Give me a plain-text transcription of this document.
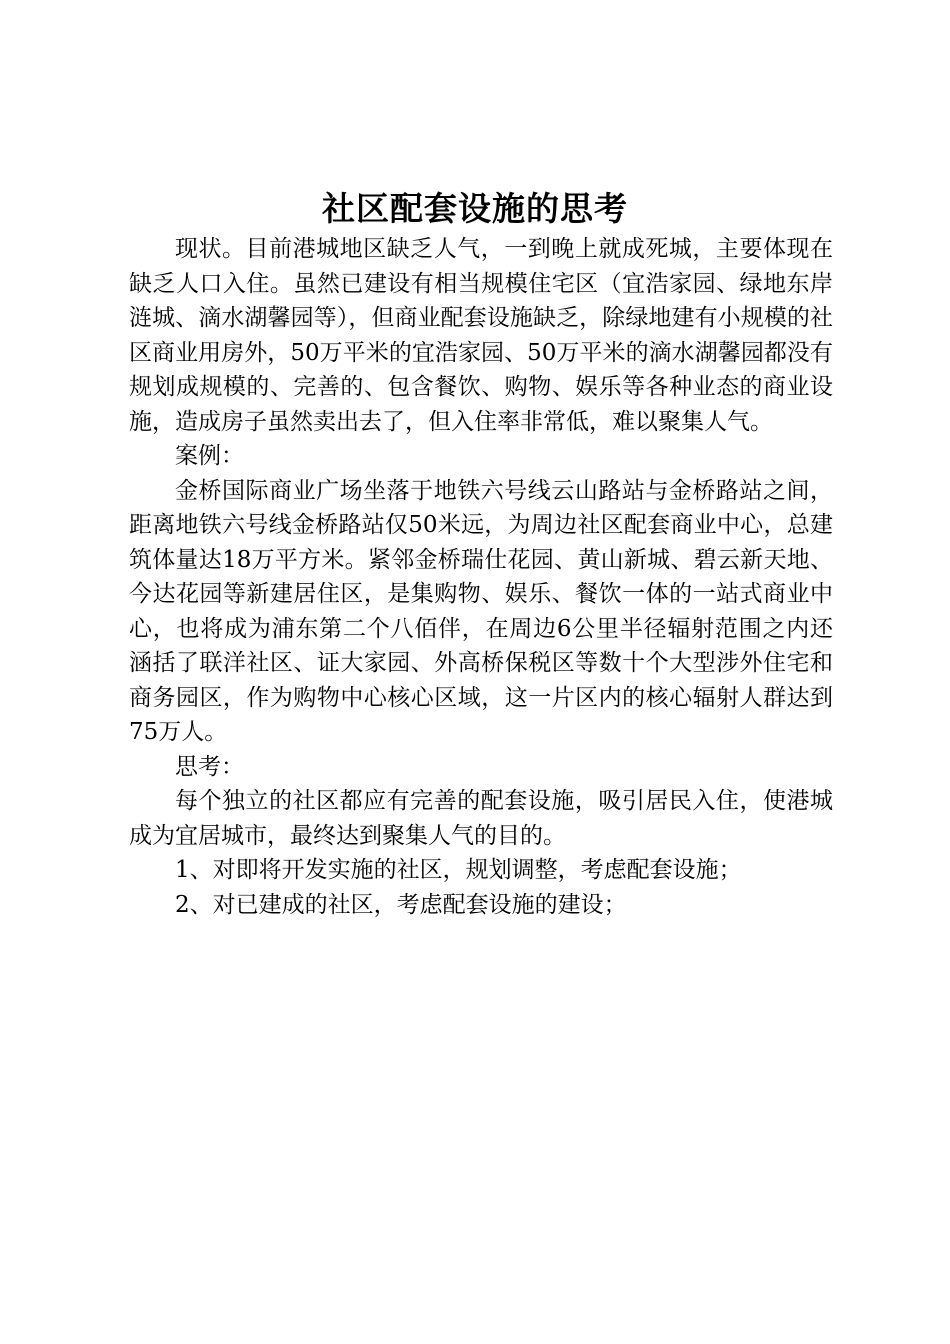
社区配套设施的思考

现状。目前港城地区缺乏人气，一到晚上就成死城，主要体现在缺乏人口入住。虽然已建设有相当规模住宅区（宜浩家园、绿地东岸涟城、滴水湖馨园等），但商业配套设施缺乏，除绿地建有小规模的社区商业用房外，50万平米的宜浩家园、50万平米的滴水湖馨园都没有规划成规模的、完善的、包含餐饮、购物、娱乐等各种业态的商业设施，造成房子虽然卖出去了，但入住率非常低，难以聚集人气。

案例：

金桥国际商业广场坐落于地铁六号线云山路站与金桥路站之间，距离地铁六号线金桥路站仅50米远，为周边社区配套商业中心，总建筑体量达18万平方米。紧邻金桥瑞仕花园、黄山新城、碧云新天地、今达花园等新建居住区，是集购物、娱乐、餐饮一体的一站式商业中心，也将成为浦东第二个八佰伴，在周边6公里半径辐射范围之内还涵括了联洋社区、证大家园、外高桥保税区等数十个大型涉外住宅和商务园区，作为购物中心核心区域，这一片区内的核心辐射人群达到75万人。

思考：

每个独立的社区都应有完善的配套设施，吸引居民入住，使港城成为宜居城市，最终达到聚集人气的目的。

1、对即将开发实施的社区，规划调整，考虑配套设施；

2、对已建成的社区，考虑配套设施的建设；
